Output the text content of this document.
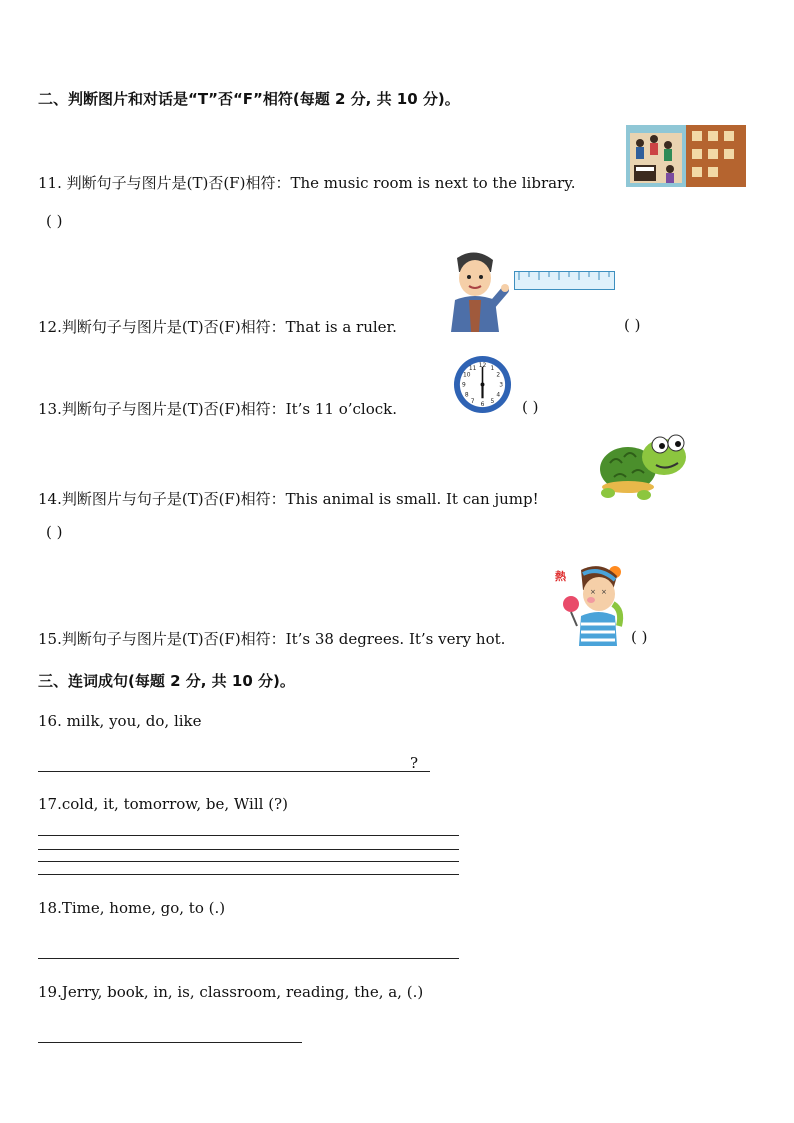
二、判断图片和对话是“T”否“F”相符(每题 2 分, 共 10 分)。
11. 判断句子与图片是(T)否(F)相符：The music room is next to the library.
( )
12.判断句子与图片是(T)否(F)相符：That is a ruler.	( )
13.判断句子与图片是(T)否(F)相符：It’s 11 o’clock.
12 1
2
3
4
5
6
7
8
9
10
11
( )
14.判断图片与句子是(T)否(F)相符：This animal is small. It can jump!
( )
熱
× ×
15.判断句子与图片是(T)否(F)相符：It’s 38 degrees. It’s very hot.	( )
三、连词成句(每题 2 分, 共 10 分)。
16. milk, you, do, like
?
17.cold, it, tomorrow, be, Will (?)
18.Time, home, go, to (.)
19.Jerry, book, in, is, classroom, reading, the, a, (.)
